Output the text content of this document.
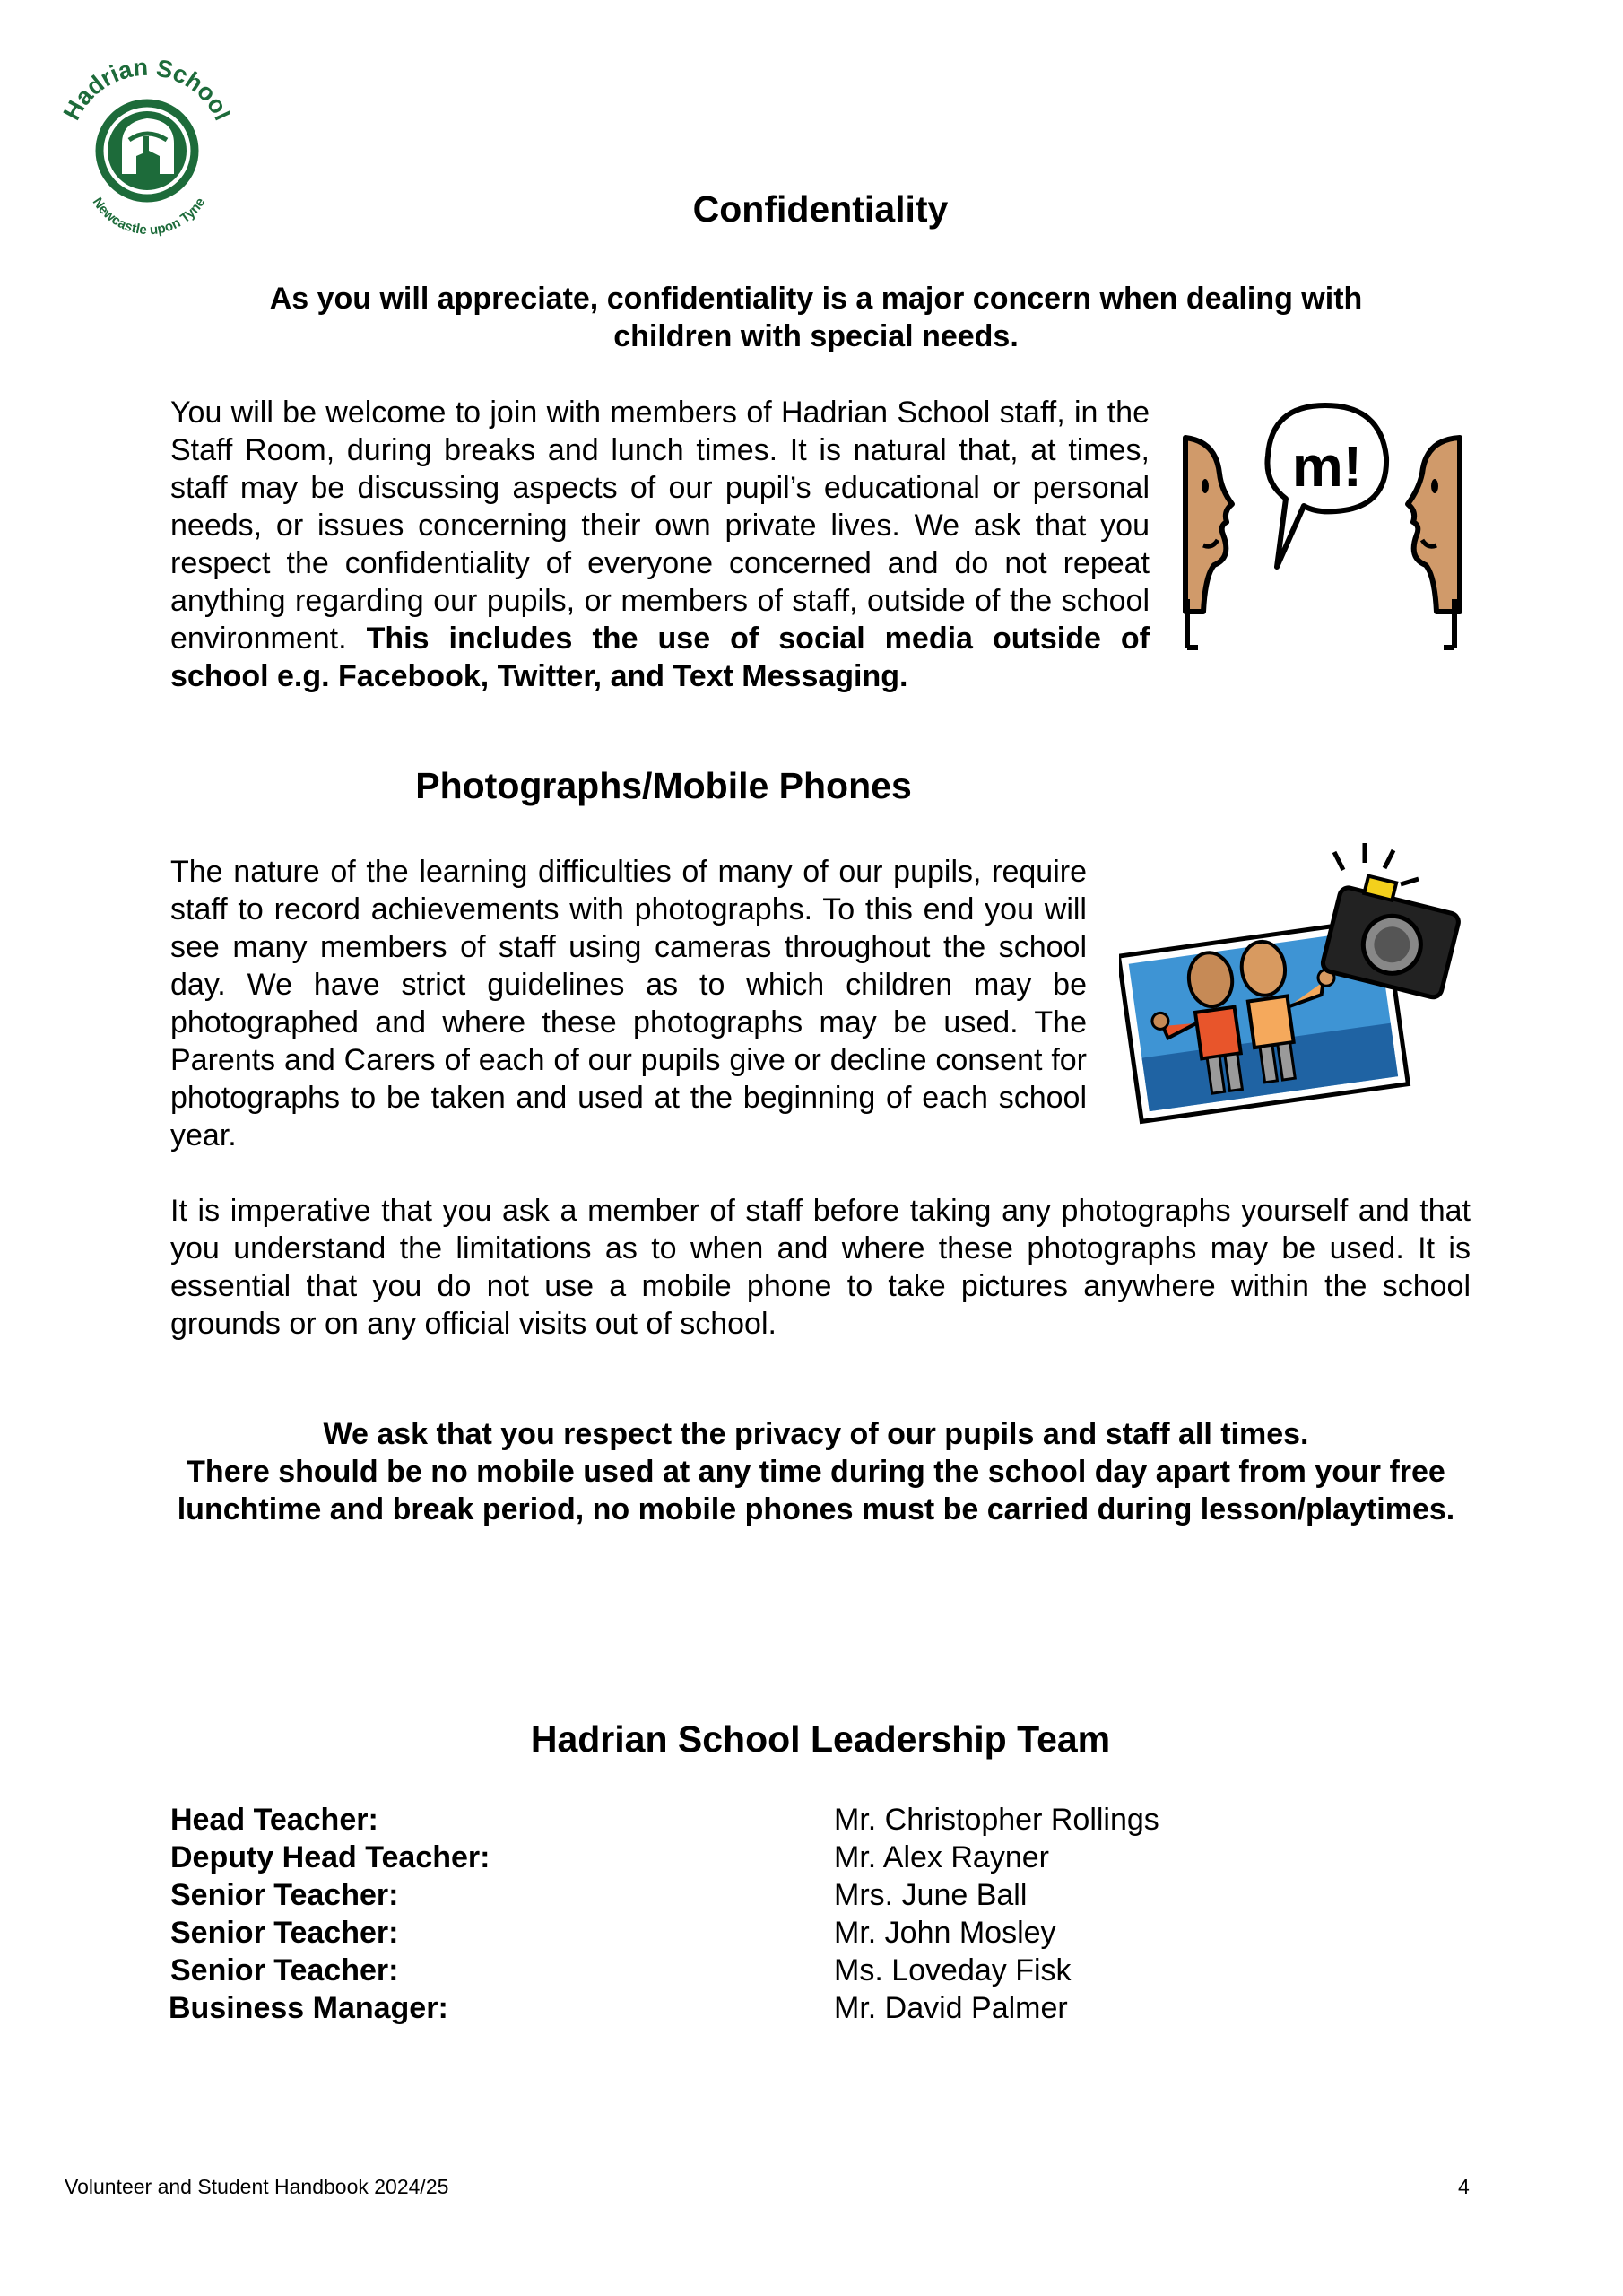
Hadrian Schoo
Newcastle upon Tyne	Confidentiality
As you will appreciate, confidentiality is a major concern when dealing with children with special needs.
You will be welcome to join with members of Hadrian School staff, in the Staff Room, during breaks and lunch times. It is natural that, at times, staff may be discussing aspects of our pupil’s educational or personal needs, or issues concerning their own private lives. We ask that you respect the confidentiality of everyone concerned and do not repeat anything regarding our pupils, or members of staff, outside of the school environment. This includes the use of social media outside of school e.g. Facebook, Twitter, and Text Messaging.
m!
Photographs/Mobile Phones
The nature of the learning difficulties of many of our pupils, require staff to record achievements with photographs. To this end you will see many members of staff using cameras throughout the school day. We have strict guidelines as to which children may be photographed and where these photographs may be used. The Parents and Carers of each of our pupils give or decline consent for photographs to be taken and used at the beginning of each school year.
It is imperative that you ask a member of staff before taking any photographs yourself and that you understand the limitations as to when and where these photographs may be used. It is essential that you do not use a mobile phone to take pictures anywhere within the school grounds or on any official visits out of school.
We ask that you respect the privacy of our pupils and staff all times.
There should be no mobile used at any time during the school day apart from your free lunchtime and break period, no mobile phones must be carried during lesson/playtimes.
Hadrian School Leadership Team
Head Teacher:	Mr. Christopher Rollings
Deputy Head Teacher:	Mr. Alex Rayner
Senior Teacher:	Mrs. June Ball
Senior Teacher:	Mr. John Mosley
Senior Teacher:	Ms. Loveday Fisk
Business Manager:	Mr. David Palmer
Volunteer and Student Handbook 2024/25	4
